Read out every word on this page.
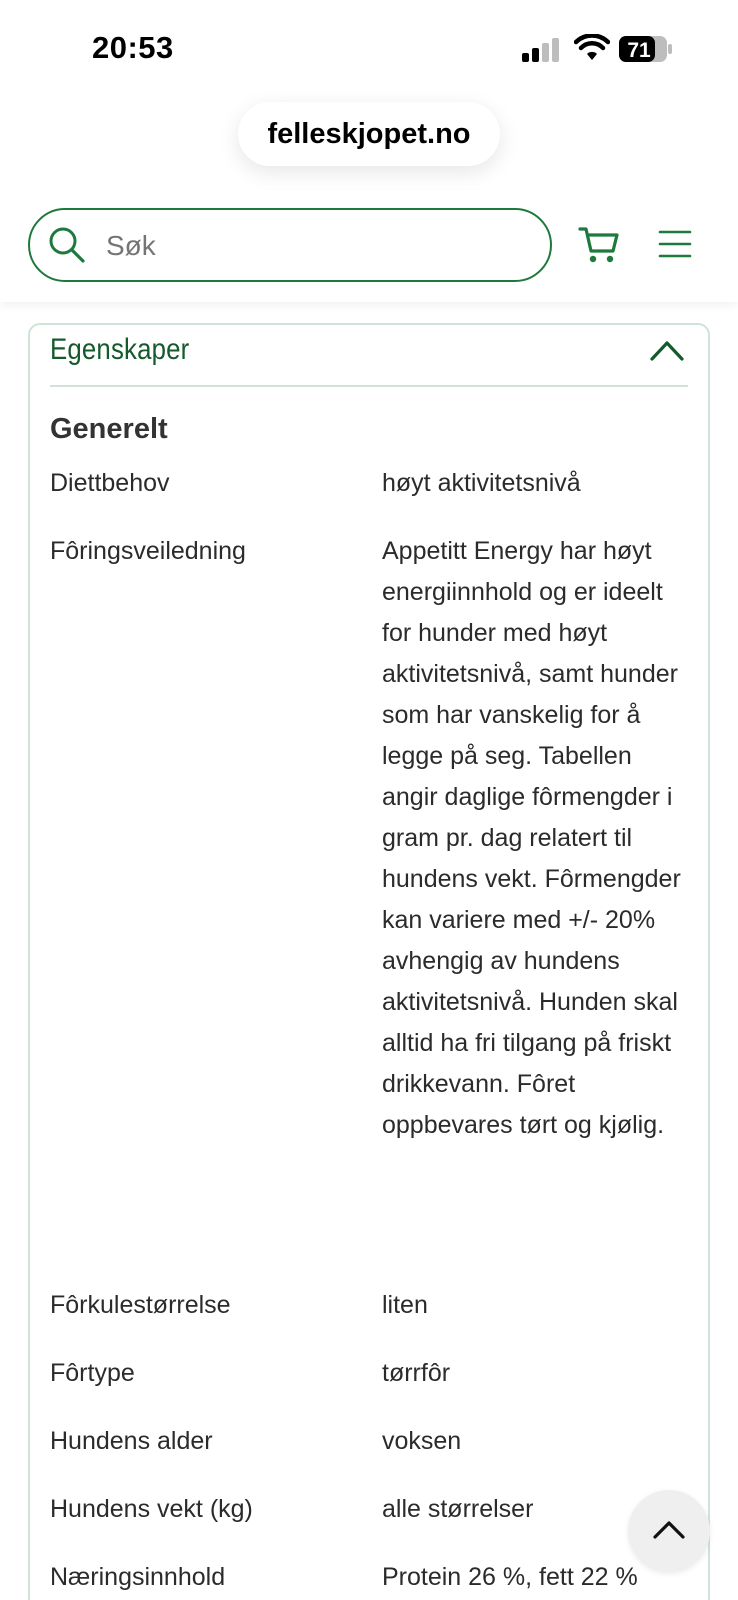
20:53	71
felleskjopet.no
Søk
Egenskaper
Generelt
Diettbehov	høyt aktivitetsnivå
Fôringsveiledning	Appetitt Energy har høyt energiinnhold og er ideelt for hunder med høyt aktivitetsnivå, samt hunder som har vanskelig for å legge på seg. Tabellen angir daglige fôrmengder i gram pr. dag relatert til hundens vekt. Fôrmengder kan variere med +/- 20% avhengig av hundens aktivitetsnivå. Hunden skal alltid ha fri tilgang på friskt drikkevann. Fôret oppbevares tørt og kjølig.
Fôrkulestørrelse	liten
Fôrtype	tørrfôr
Hundens alder	voksen
Hundens vekt (kg)	alle størrelser
Næringsinnhold	Protein 26 %, fett 22 %
